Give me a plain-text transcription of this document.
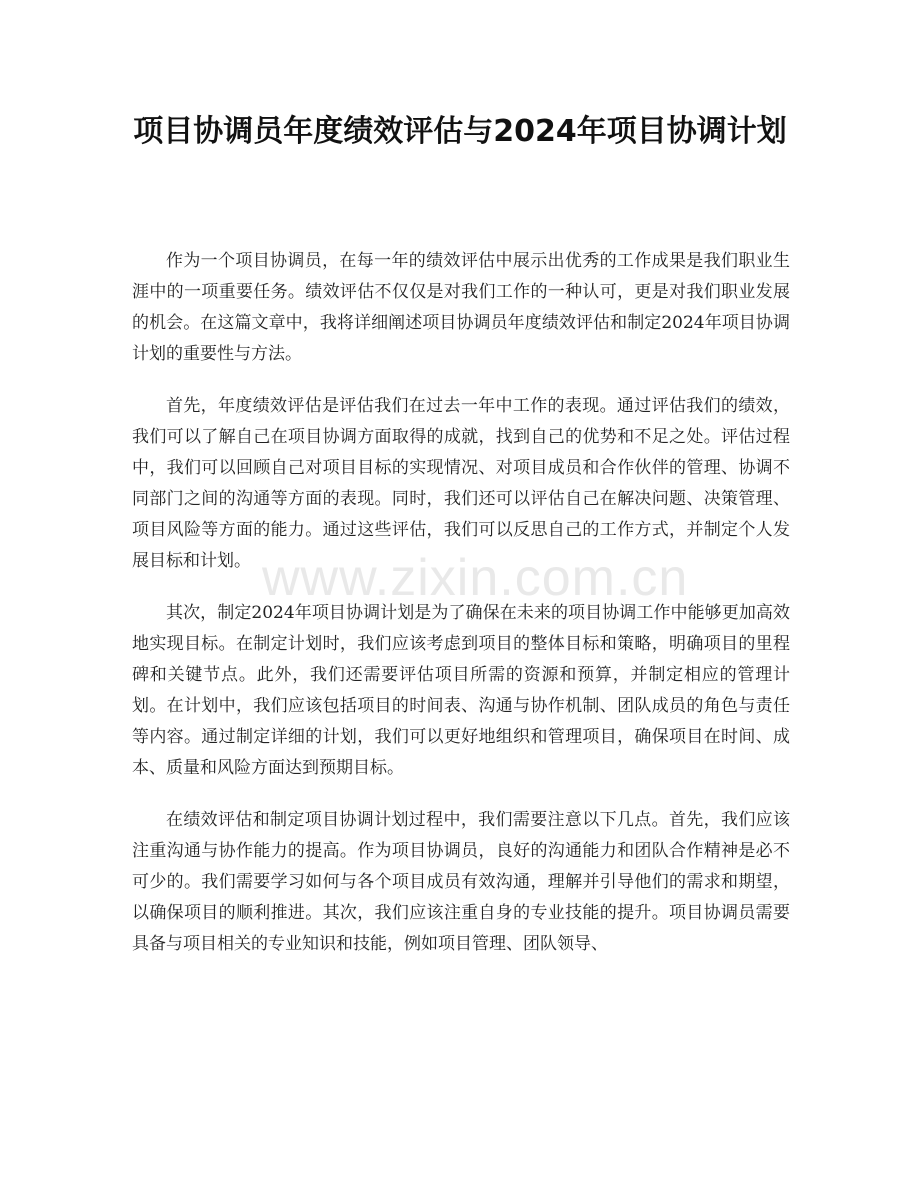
www.zixin.com.cn
项目协调员年度绩效评估与2024年项目协调计划

作为一个项目协调员，在每一年的绩效评估中展示出优秀的工作成果是我们职业生涯中的一项重要任务。绩效评估不仅仅是对我们工作的一种认可，更是对我们职业发展的机会。在这篇文章中，我将详细阐述项目协调员年度绩效评估和制定2024年项目协调计划的重要性与方法。

首先，年度绩效评估是评估我们在过去一年中工作的表现。通过评估我们的绩效，我们可以了解自己在项目协调方面取得的成就，找到自己的优势和不足之处。评估过程中，我们可以回顾自己对项目目标的实现情况、对项目成员和合作伙伴的管理、协调不同部门之间的沟通等方面的表现。同时，我们还可以评估自己在解决问题、决策管理、项目风险等方面的能力。通过这些评估，我们可以反思自己的工作方式，并制定个人发展目标和计划。

其次，制定2024年项目协调计划是为了确保在未来的项目协调工作中能够更加高效地实现目标。在制定计划时，我们应该考虑到项目的整体目标和策略，明确项目的里程碑和关键节点。此外，我们还需要评估项目所需的资源和预算，并制定相应的管理计划。在计划中，我们应该包括项目的时间表、沟通与协作机制、团队成员的角色与责任等内容。通过制定详细的计划，我们可以更好地组织和管理项目，确保项目在时间、成本、质量和风险方面达到预期目标。

在绩效评估和制定项目协调计划过程中，我们需要注意以下几点。首先，我们应该注重沟通与协作能力的提高。作为项目协调员，良好的沟通能力和团队合作精神是必不可少的。我们需要学习如何与各个项目成员有效沟通，理解并引导他们的需求和期望，以确保项目的顺利推进。其次，我们应该注重自身的专业技能的提升。项目协调员需要具备与项目相关的专业知识和技能，例如项目管理、团队领导、
